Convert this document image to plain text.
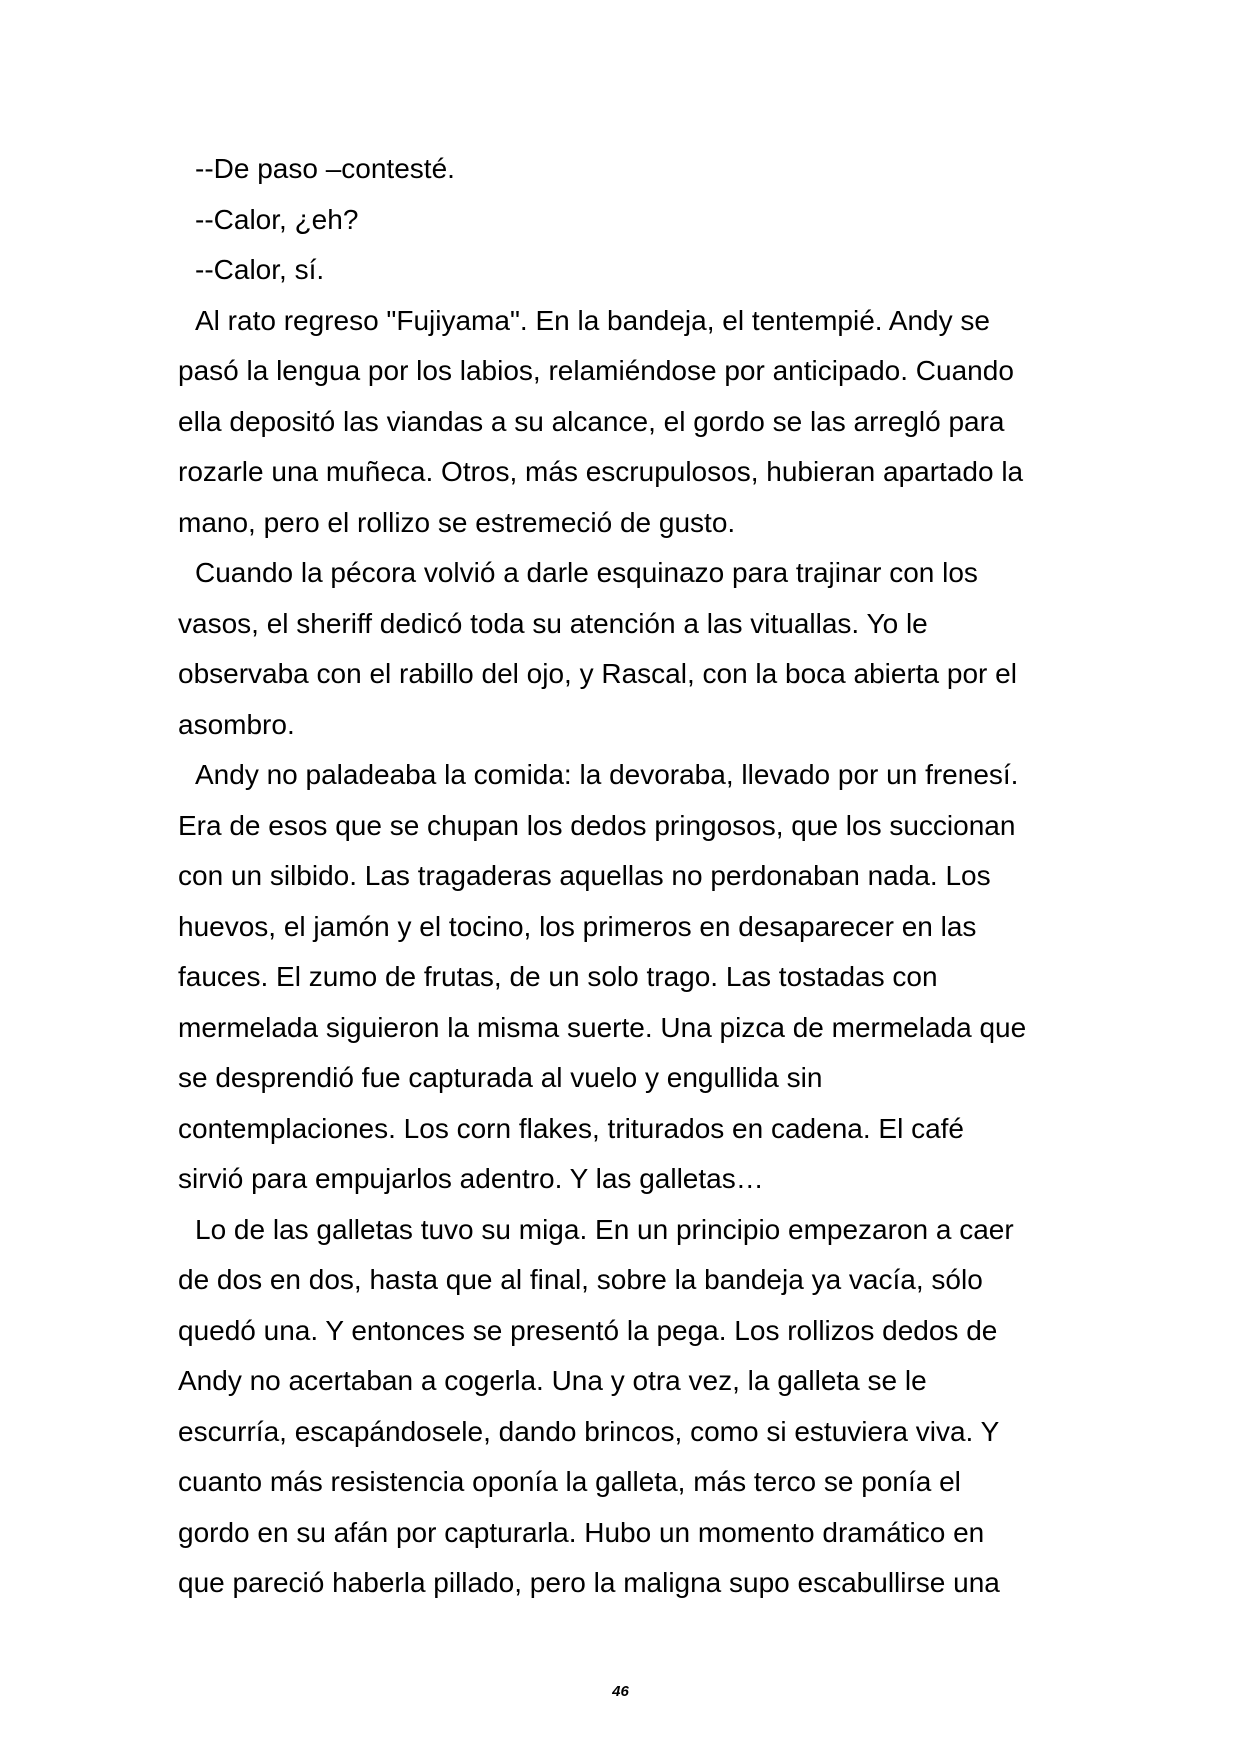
--De paso –contesté.
--Calor, ¿eh?
--Calor, sí.
Al rato regreso "Fujiyama". En la bandeja, el tentempié. Andy se
pasó la lengua por los labios, relamiéndose por anticipado. Cuando
ella depositó las viandas a su alcance, el gordo se las arregló para
rozarle una muñeca. Otros, más escrupulosos, hubieran apartado la
mano, pero el rollizo se estremeció de gusto.
Cuando la pécora volvió a darle esquinazo para trajinar con los
vasos, el sheriff dedicó toda su atención a las vituallas. Yo le
observaba con el rabillo del ojo, y Rascal, con la boca abierta por el
asombro.
Andy no paladeaba la comida: la devoraba, llevado por un frenesí.
Era de esos que se chupan los dedos pringosos, que los succionan
con un silbido. Las tragaderas aquellas no perdonaban nada. Los
huevos, el jamón y el tocino, los primeros en desaparecer en las
fauces. El zumo de frutas, de un solo trago. Las tostadas con
mermelada siguieron la misma suerte. Una pizca de mermelada que
se desprendió fue capturada al vuelo y engullida sin
contemplaciones. Los corn flakes, triturados en cadena. El café
sirvió para empujarlos adentro. Y las galletas…
Lo de las galletas tuvo su miga. En un principio empezaron a caer
de dos en dos, hasta que al final, sobre la bandeja ya vacía, sólo
quedó una. Y entonces se presentó la pega. Los rollizos dedos de
Andy no acertaban a cogerla. Una y otra vez, la galleta se le
escurría, escapándosele, dando brincos, como si estuviera viva. Y
cuanto más resistencia oponía la galleta, más terco se ponía el
gordo en su afán por capturarla. Hubo un momento dramático en
que pareció haberla pillado, pero la maligna supo escabullirse una
46
